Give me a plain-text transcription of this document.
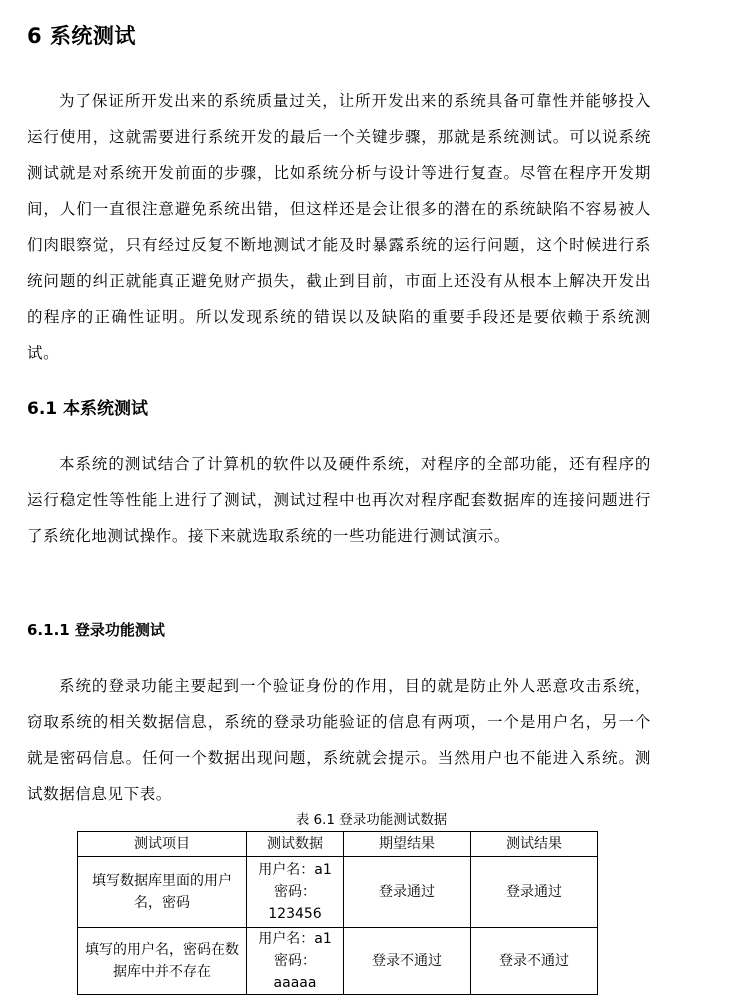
6 系统测试

为了保证所开发出来的系统质量过关，让所开发出来的系统具备可靠性并能够投入运行使用，这就需要进行系统开发的最后一个关键步骤，那就是系统测试。可以说系统测试就是对系统开发前面的步骤，比如系统分析与设计等进行复查。尽管在程序开发期间，人们一直很注意避免系统出错，但这样还是会让很多的潜在的系统缺陷不容易被人们肉眼察觉，只有经过反复不断地测试才能及时暴露系统的运行问题，这个时候进行系统问题的纠正就能真正避免财产损失，截止到目前，市面上还没有从根本上解决开发出的程序的正确性证明。所以发现系统的错误以及缺陷的重要手段还是要依赖于系统测试。

6.1 本系统测试

本系统的测试结合了计算机的软件以及硬件系统，对程序的全部功能，还有程序的运行稳定性等性能上进行了测试，测试过程中也再次对程序配套数据库的连接问题进行了系统化地测试操作。接下来就选取系统的一些功能进行测试演示。

6.1.1 登录功能测试

系统的登录功能主要起到一个验证身份的作用，目的就是防止外人恶意攻击系统，窃取系统的相关数据信息，系统的登录功能验证的信息有两项，一个是用户名，另一个就是密码信息。任何一个数据出现问题，系统就会提示。当然用户也不能进入系统。测试数据信息见下表。

表 6.1 登录功能测试数据

测试项目	测试数据	期望结果	测试结果
填写数据库里面的用户名，密码	用户名：a1
密码：
123456	登录通过	登录通过
填写的用户名，密码在数据库中并不存在	用户名：a1
密码：aaaaa	登录不通过	登录不通过
